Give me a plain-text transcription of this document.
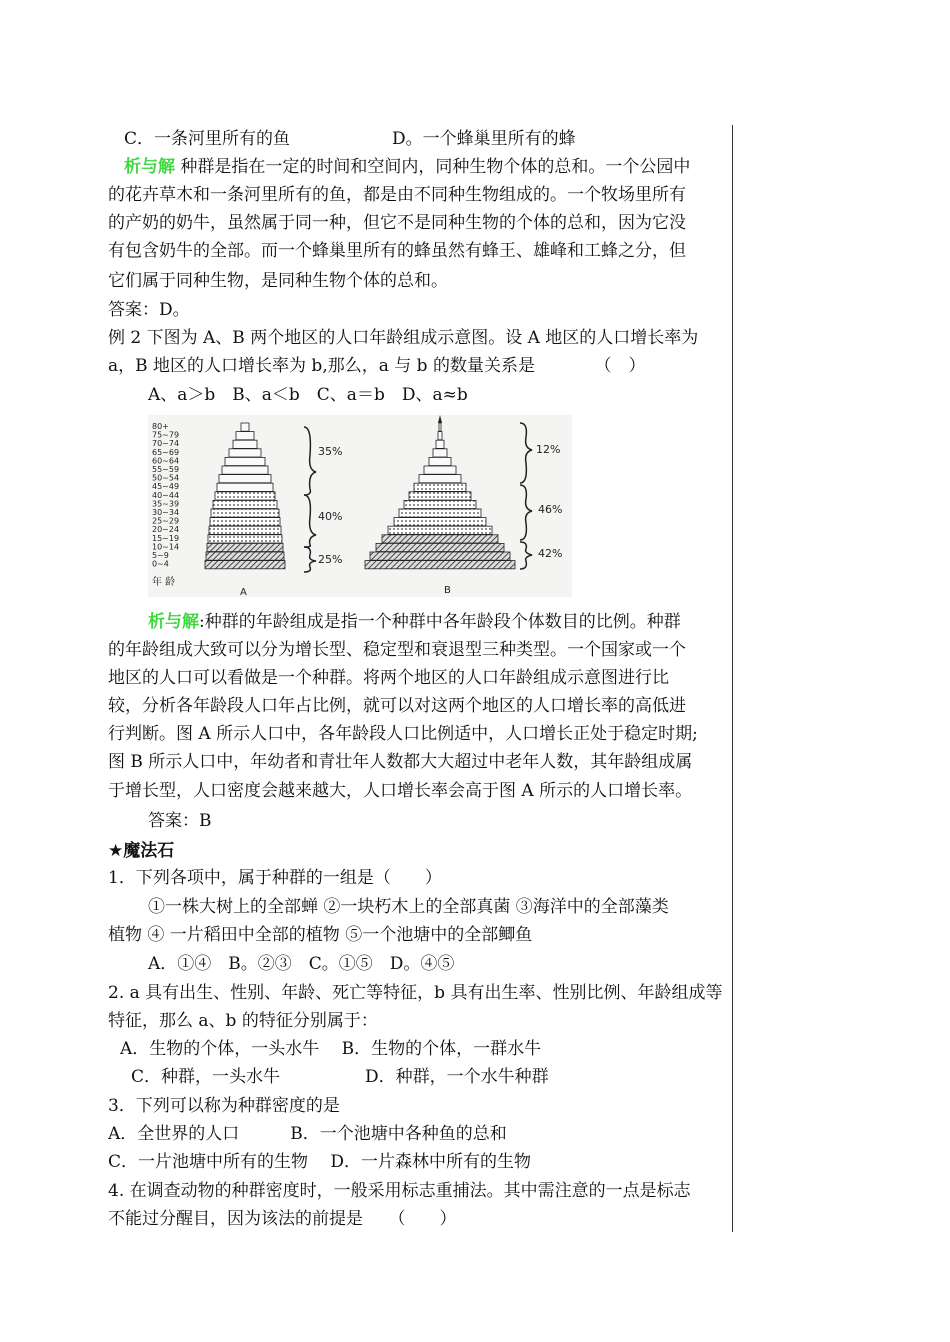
C．一条河里所有的鱼　　　　　　D。一个蜂巢里所有的蜂
析与解 种群是指在一定的时间和空间内，同种生物个体的总和。一个公园中
的花卉草木和一条河里所有的鱼，都是由不同种生物组成的。一个牧场里所有
的产奶的奶牛，虽然属于同一种，但它不是同种生物的个体的总和，因为它没
有包含奶牛的全部。而一个蜂巢里所有的蜂虽然有蜂王、雄峰和工蜂之分，但
它们属于同种生物，是同种生物个体的总和。
答案：D。
例 2 下图为 A、B 两个地区的人口年龄组成示意图。设 A 地区的人口增长率为
a，B 地区的人口增长率为 b,那么，a 与 b 的数量关系是　　　　（　）
A、a＞b　B、a＜b　C、a＝b　D、a≈b
80+
75~79
70~74
65~69
60~64
55~59
50~54
45~49
40~44
35~39
30~34
25~29
20~24
15~19
10~14
5~9
0~4
年 龄
A	B
35%
40%
25%
12%
46%
42%
析与解:种群的年龄组成是指一个种群中各年龄段个体数目的比例。种群
的年龄组成大致可以分为增长型、稳定型和衰退型三种类型。一个国家或一个
地区的人口可以看做是一个种群。将两个地区的人口年龄组成示意图进行比
较，分析各年龄段人口年占比例，就可以对这两个地区的人口增长率的高低进
行判断。图 A 所示人口中，各年龄段人口比例适中，人口增长正处于稳定时期;
图 B 所示人口中，年幼者和青壮年人数都大大超过中老年人数，其年龄组成属
于增长型，人口密度会越来越大，人口增长率会高于图 A 所示的人口增长率。
答案：B
★魔法石
1．下列各项中，属于种群的一组是（　　）
①一株大树上的全部蝉 ②一块朽木上的全部真菌 ③海洋中的全部藻类
植物 ④ 一片稻田中全部的植物 ⑤一个池塘中的全部鲫鱼
A．①④　B。②③　C。①⑤　D。④⑤
2. a 具有出生、性别、年龄、死亡等特征，b 具有出生率、性别比例、年龄组成等
特征，那么 a、b 的特征分别属于：
A．生物的个体，一头水牛　 B．生物的个体，一群水牛
C．种群，一头水牛　　　　　D．种群，一个水牛种群
3．下列可以称为种群密度的是
A．全世界的人口　　　B．一个池塘中各种鱼的总和
C．一片池塘中所有的生物　 D．一片森林中所有的生物
4. 在调查动物的种群密度时，一般采用标志重捕法。其中需注意的一点是标志
不能过分醒目，因为该法的前提是　　（　　）
